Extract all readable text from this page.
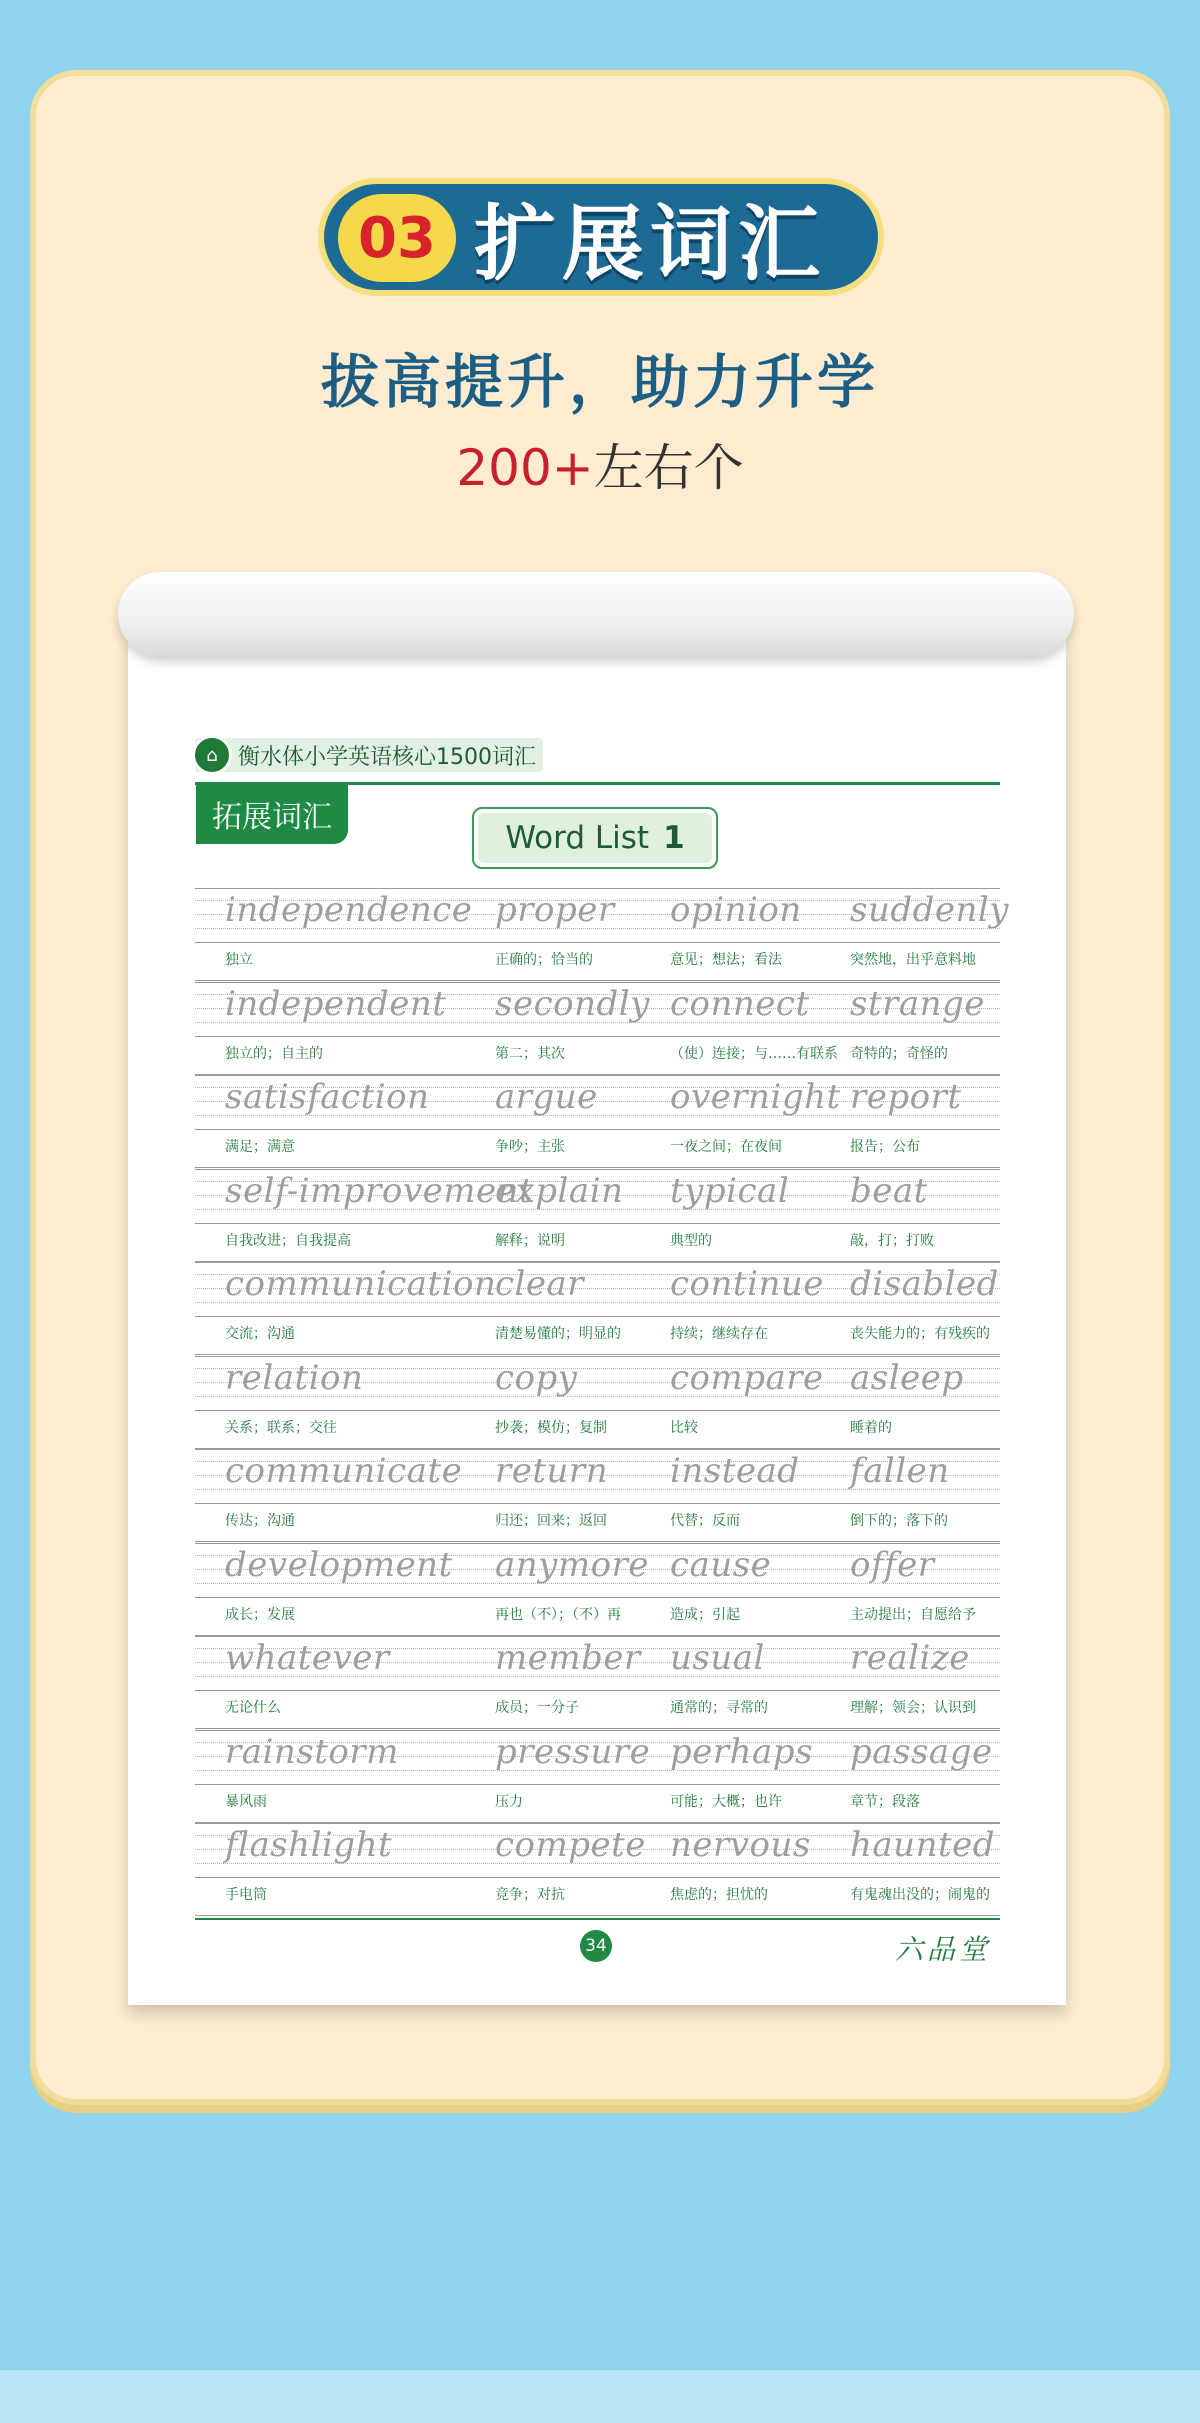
03 扩展词汇
拔高提升，助力升学
200+左右个
⌂ 衡水体小学英语核心1500词汇
拓展词汇
Word List 1
independence
独立
proper
正确的；恰当的
opinion
意见；想法；看法
suddenly
突然地，出乎意料地
independent
独立的；自主的
secondly
第二；其次
connect
（使）连接；与……有联系
strange
奇特的；奇怪的
satisfaction
满足；满意
argue
争吵；主张
overnight
一夜之间；在夜间
report
报告；公布
self-improvement
自我改进；自我提高
explain
解释；说明
typical
典型的
beat
敲，打；打败
communication
交流；沟通
clear
清楚易懂的；明显的
continue
持续；继续存在
disabled
丧失能力的；有残疾的
relation
关系；联系；交往
copy
抄袭；模仿；复制
compare
比较
asleep
睡着的
communicate
传达；沟通
return
归还；回来；返回
instead
代替；反而
fallen
倒下的；落下的
development
成长；发展
anymore
再也（不）；（不）再
cause
造成；引起
offer
主动提出；自愿给予
whatever
无论什么
member
成员；一分子
usual
通常的；寻常的
realize
理解；领会；认识到
rainstorm
暴风雨
pressure
压力
perhaps
可能；大概；也许
passage
章节；段落
flashlight
手电筒
compete
竞争；对抗
nervous
焦虑的；担忧的
haunted
有鬼魂出没的；闹鬼的
34	六品堂
